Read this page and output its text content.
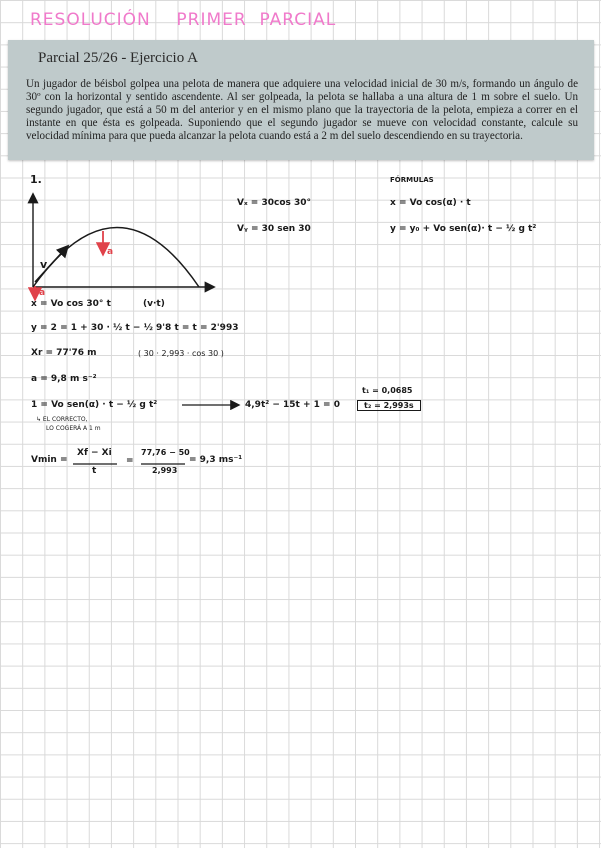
RESOLUCIÓN    PRIMER  PARCIAL
Parcial 25/26 - Ejercicio A
Un jugador de béisbol golpea una pelota de manera que adquiere una velocidad inicial de 30 m/s, formando un ángulo de 30º con la horizontal y sentido ascendente. Al ser golpeada, la pelota se hallaba a una altura de 1 m sobre el suelo. Un segundo jugador, que está a 50 m del anterior y en el mismo plano que la trayectoria de la pelota, empieza a correr en el instante en que ésta es golpeada. Suponiendo que el segundo jugador se mueve con velocidad constante, calcule su velocidad mínima para que pueda alcanzar la pelota cuando está a 2 m del suelo descendiendo en su trayectoria.
1.
v
a
a
Vₓ = 30cos 30°
Vᵧ = 30 sen 30
FÓRMULAS
x = Vo cos(α) · t
y = y₀ + Vo sen(α)· t − ½ g t²
x = Vo cos 30° t	(v·t)
y = 2 = 1 + 30 · ½ t − ½ 9'8 t = t = 2'993
Xr = 77'76 m	( 30 · 2,993 · cos 30 )
a = 9,8 m s⁻²
t₁ = 0,0685
1 = Vo sen(α) · t − ½ g t²	4,9t² − 15t + 1 = 0	t₂ = 2,993s
↳ EL CORRECTO,
LO COGERÁ A 1 m
Vmin =
Xf − Xi
t
=
77,76 − 50
2,993
= 9,3 ms⁻¹
